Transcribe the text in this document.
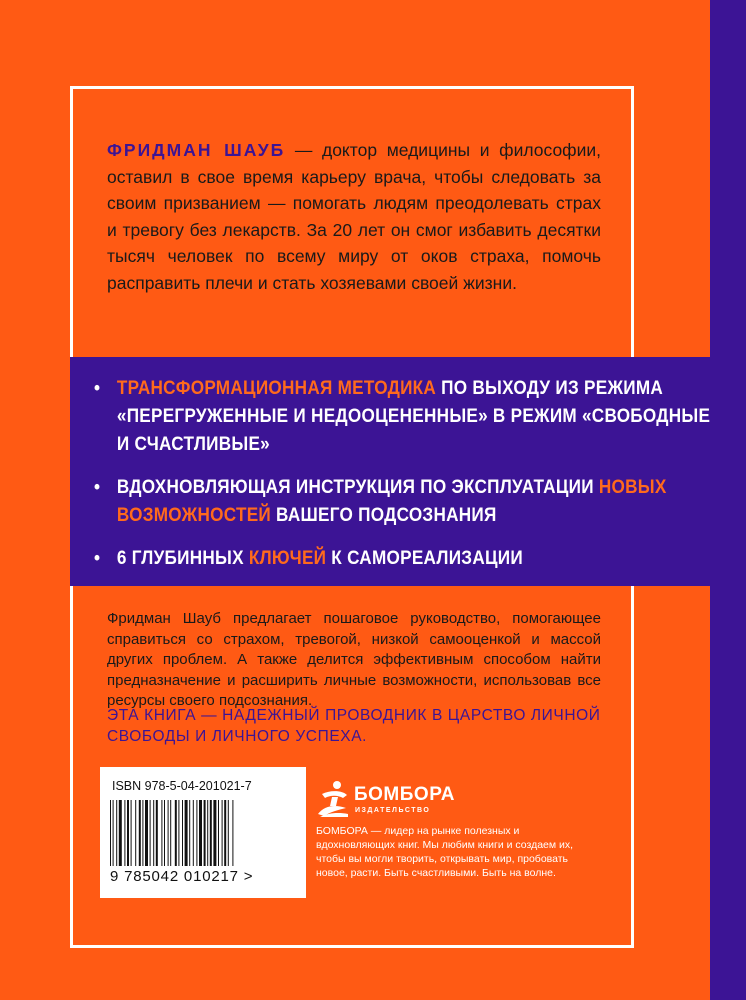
ФРИДМАН ШАУБ — доктор медицины и философии, оставил в свое время карьеру врача, чтобы следовать за своим призванием — помогать людям преодолевать страх и тревогу без лекарств. За 20 лет он смог избавить десятки тысяч человек по всему миру от оков страха, помочь расправить плечи и стать хозяевами своей жизни.

• ТРАНСФОРМАЦИОННАЯ МЕТОДИКА ПО ВЫХОДУ ИЗ РЕЖИМА «ПЕРЕГРУЖЕННЫЕ И НЕДООЦЕНЕННЫЕ» В РЕЖИМ «СВОБОДНЫЕ И СЧАСТЛИВЫЕ»
• ВДОХНОВЛЯЮЩАЯ ИНСТРУКЦИЯ ПО ЭКСПЛУАТАЦИИ НОВЫХ ВОЗМОЖНОСТЕЙ ВАШЕГО ПОДСОЗНАНИЯ
• 6 ГЛУБИННЫХ КЛЮЧЕЙ К САМОРЕАЛИЗАЦИИ

Фридман Шауб предлагает пошаговое руководство, помогающее справиться со страхом, тревогой, низкой самооценкой и массой других проблем. А также делится эффективным способом найти предназначение и расширить личные возможности, использовав все ресурсы своего подсознания.

ЭТА КНИГА — НАДЕЖНЫЙ ПРОВОДНИК В ЦАРСТВО ЛИЧНОЙ СВОБОДЫ И ЛИЧНОГО УСПЕХА.

ISBN 978-5-04-201021-7
9 785042 010217 >
БОМБОРА
ИЗДАТЕЛЬСТВО

БОМБОРА — лидер на рынке полезных и вдохновляющих книг. Мы любим книги и создаем их, чтобы вы могли творить, открывать мир, пробовать новое, расти. Быть счастливыми. Быть на волне.
